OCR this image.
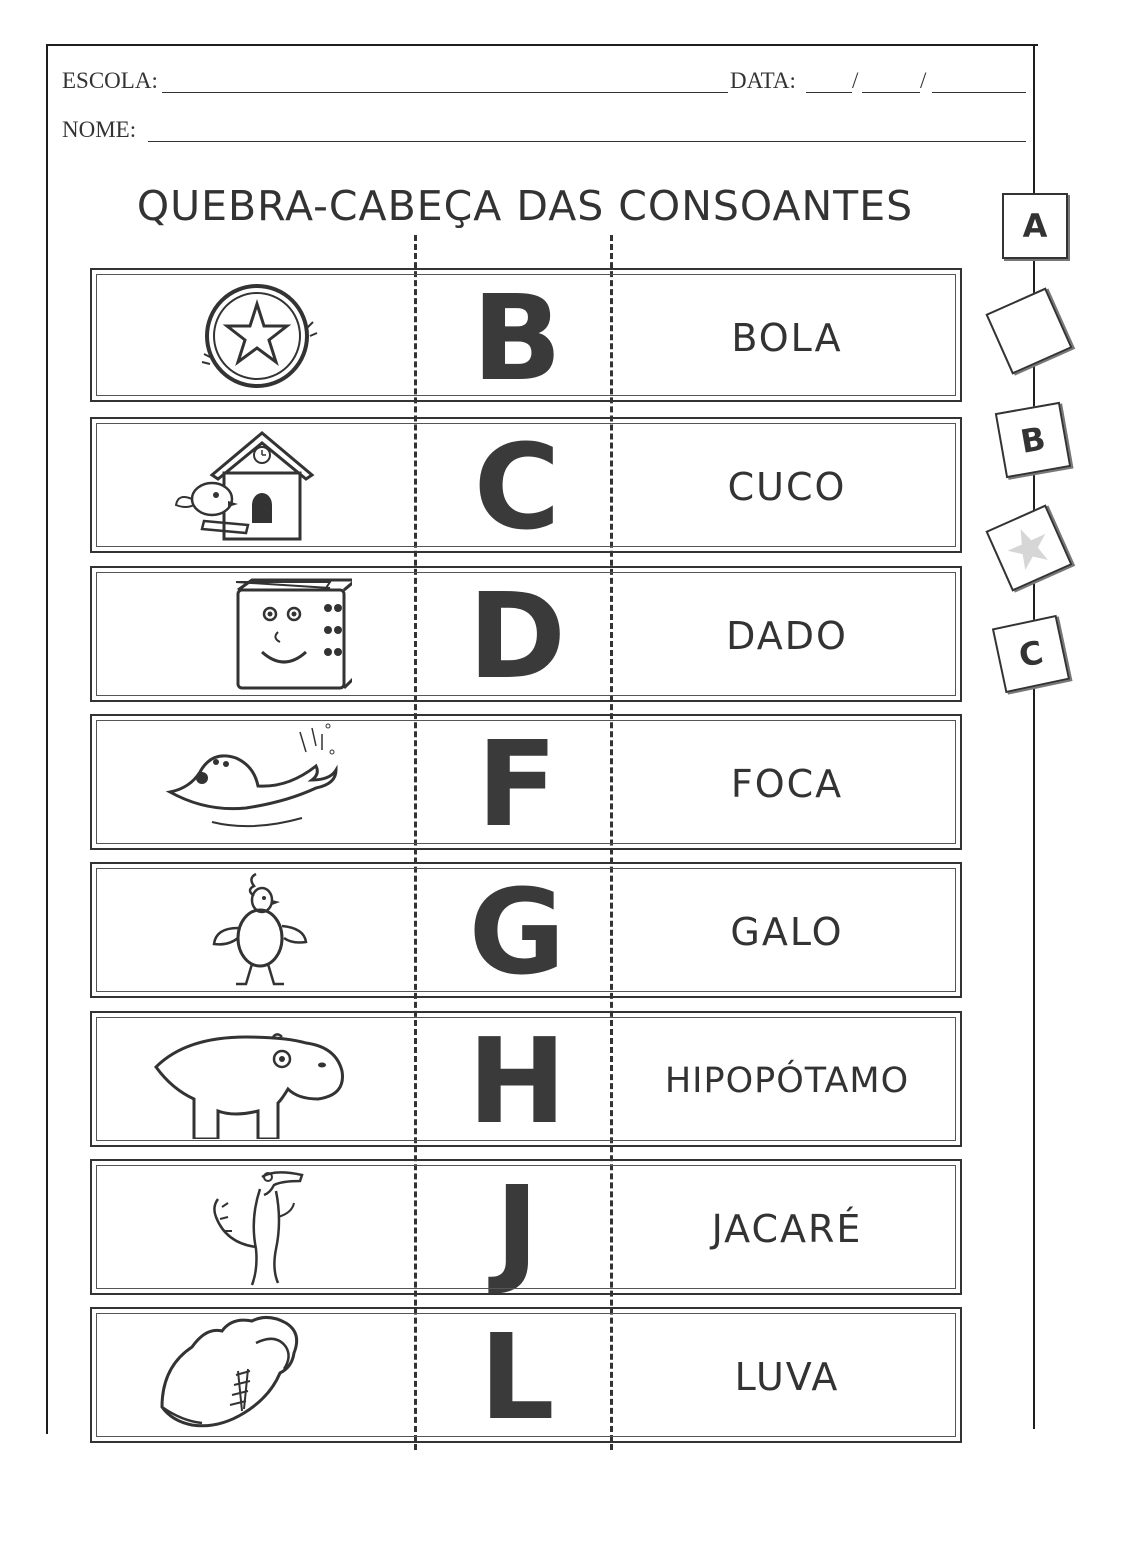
ESCOLA:	DATA: /	/
NOME:
QUEBRA-CABEÇA DAS CONSOANTES
B	BOLA
C	CUCO
D	DADO
F	FOCA
G	GALO
H	HIPOPÓTAMO
J	JACARÉ
L	LUVA
A
B
C
